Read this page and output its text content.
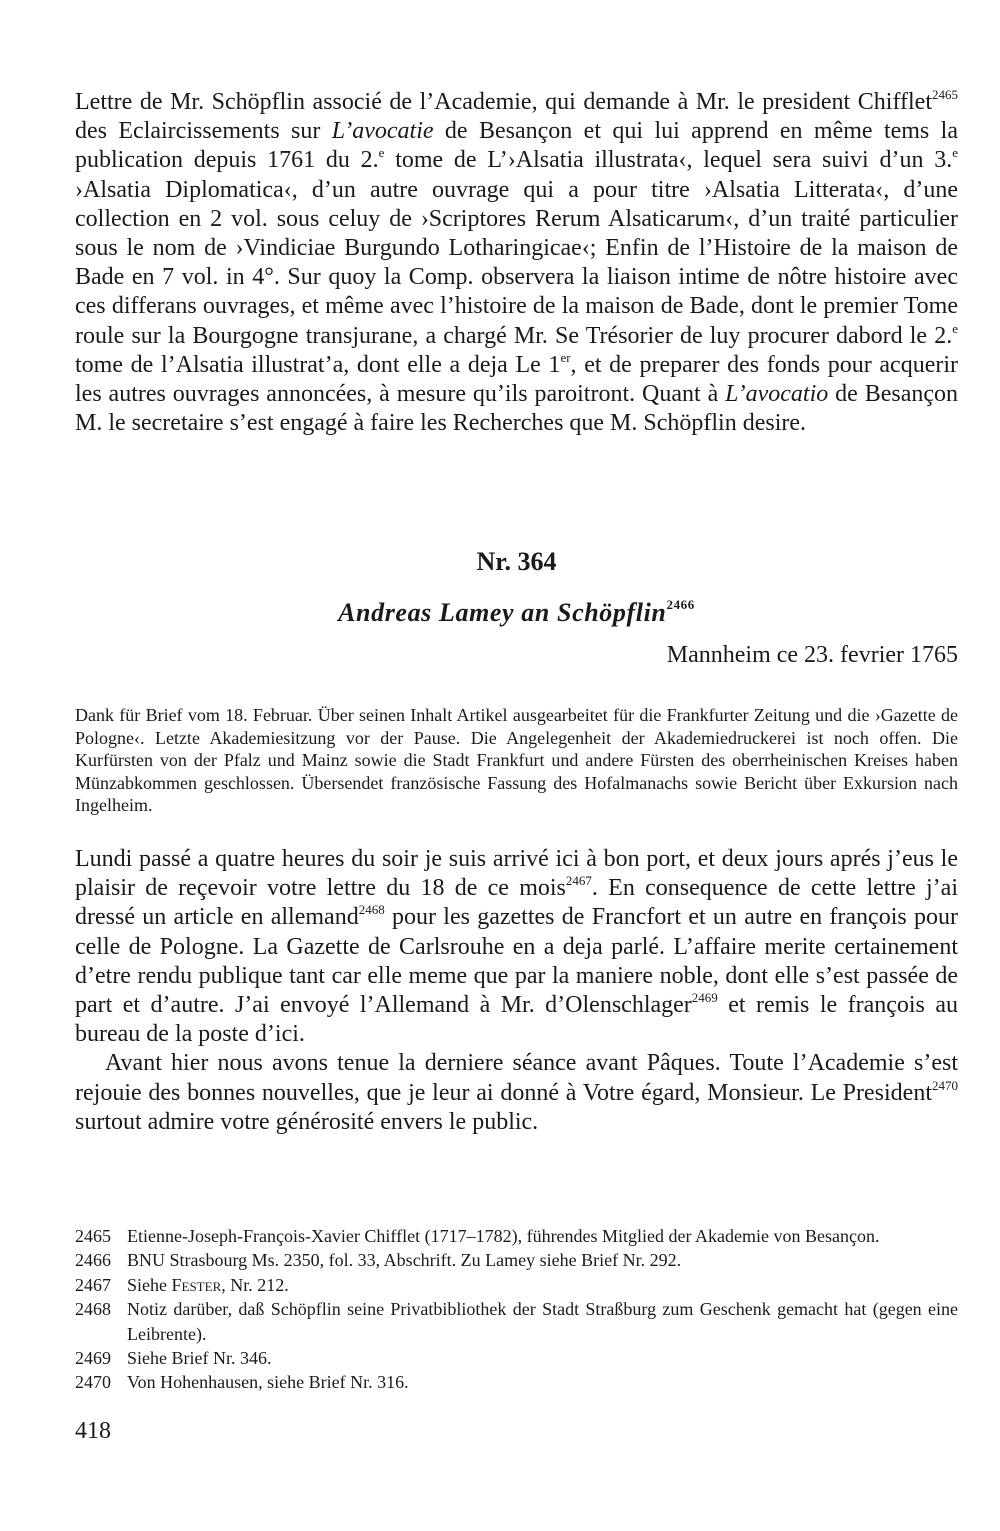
Lettre de Mr. Schöpflin associé de l’Academie, qui demande à Mr. le president Chifflet$^{2465}$ des Eclaircissements sur L’avocatie de Besançon et qui lui apprend en même tems la publication depuis 1761 du 2.$^e$ tome de L’›Alsatia illustrata‹, lequel sera suivi d’un 3.$^e$ ›Alsatia Diplomatica‹, d’un autre ouvrage qui a pour titre ›Alsatia Litterata‹, d’une collection en 2 vol. sous celuy de ›Scriptores Rerum Alsaticarum‹, d’un traité particulier sous le nom de ›Vindiciae Burgundo Lotharingicae‹; Enfin de l’Histoire de la maison de Bade en 7 vol. in 4°. Sur quoy la Comp. observera la liaison intime de nôtre histoire avec ces differans ouvrages, et même avec l’histoire de la maison de Bade, dont le premier Tome roule sur la Bourgogne transjurane, a chargé Mr. Se Trésorier de luy procurer dabord le 2.$^e$ tome de l’Alsatia illustrat’a, dont elle a deja Le 1er, et de preparer des fonds pour acquerir les autres ouvrages annoncées, à mesure qu’ils paroitront. Quant à L’avocatio de Besançon M. le secretaire s’est engagé à faire les Recherches que M. Schöpflin desire.

Nr. 364
Andreas Lamey an Schöpflin$^{2466}$

Mannheim ce 23. fevrier 1765

Dank für Brief vom 18. Februar. Über seinen Inhalt Artikel ausgearbeitet für die Frankfurter Zeitung und die ›Gazette de Pologne‹. Letzte Akademiesitzung vor der Pause. Die Angelegenheit der Akademiedruckerei ist noch offen. Die Kurfürsten von der Pfalz und Mainz sowie die Stadt Frankfurt und andere Fürsten des oberrheinischen Kreises haben Münzabkommen geschlossen. Übersendet französische Fassung des Hofalmanachs sowie Bericht über Exkursion nach Ingelheim.

Lundi passé a quatre heures du soir je suis arrivé ici à bon port, et deux jours aprés j’eus le plaisir de reçevoir votre lettre du 18 de ce mois$^{2467}$. En consequence de cette lettre j’ai dressé un article en allemand$^{2468}$ pour les gazettes de Francfort et un autre en françois pour celle de Pologne. La Gazette de Carlsrouhe en a deja parlé. L’affaire merite certainement d’etre rendu publique tant car elle meme que par la maniere noble, dont elle s’est passée de part et d’autre. J’ai envoyé l’Allemand à Mr. d’Olenschlager$^{2469}$ et remis le françois au bureau de la poste d’ici.

Avant hier nous avons tenue la derniere séance avant Pâques. Toute l’Academie s’est rejouie des bonnes nouvelles, que je leur ai donné à Votre égard, Monsieur. Le President$^{2470}$ surtout admire votre générosité envers le public.

2465 Etienne-Joseph-François-Xavier Chifflet (1717–1782), führendes Mitglied der Akademie von Besançon.
2466 BNU Strasbourg Ms. 2350, fol. 33, Abschrift. Zu Lamey siehe Brief Nr. 292.
2467 Siehe Fester, Nr. 212.
2468 Notiz darüber, daß Schöpflin seine Privatbibliothek der Stadt Straßburg zum Geschenk gemacht hat (gegen eine Leibrente).
2469 Siehe Brief Nr. 346.
2470 Von Hohenhausen, siehe Brief Nr. 316.

418
